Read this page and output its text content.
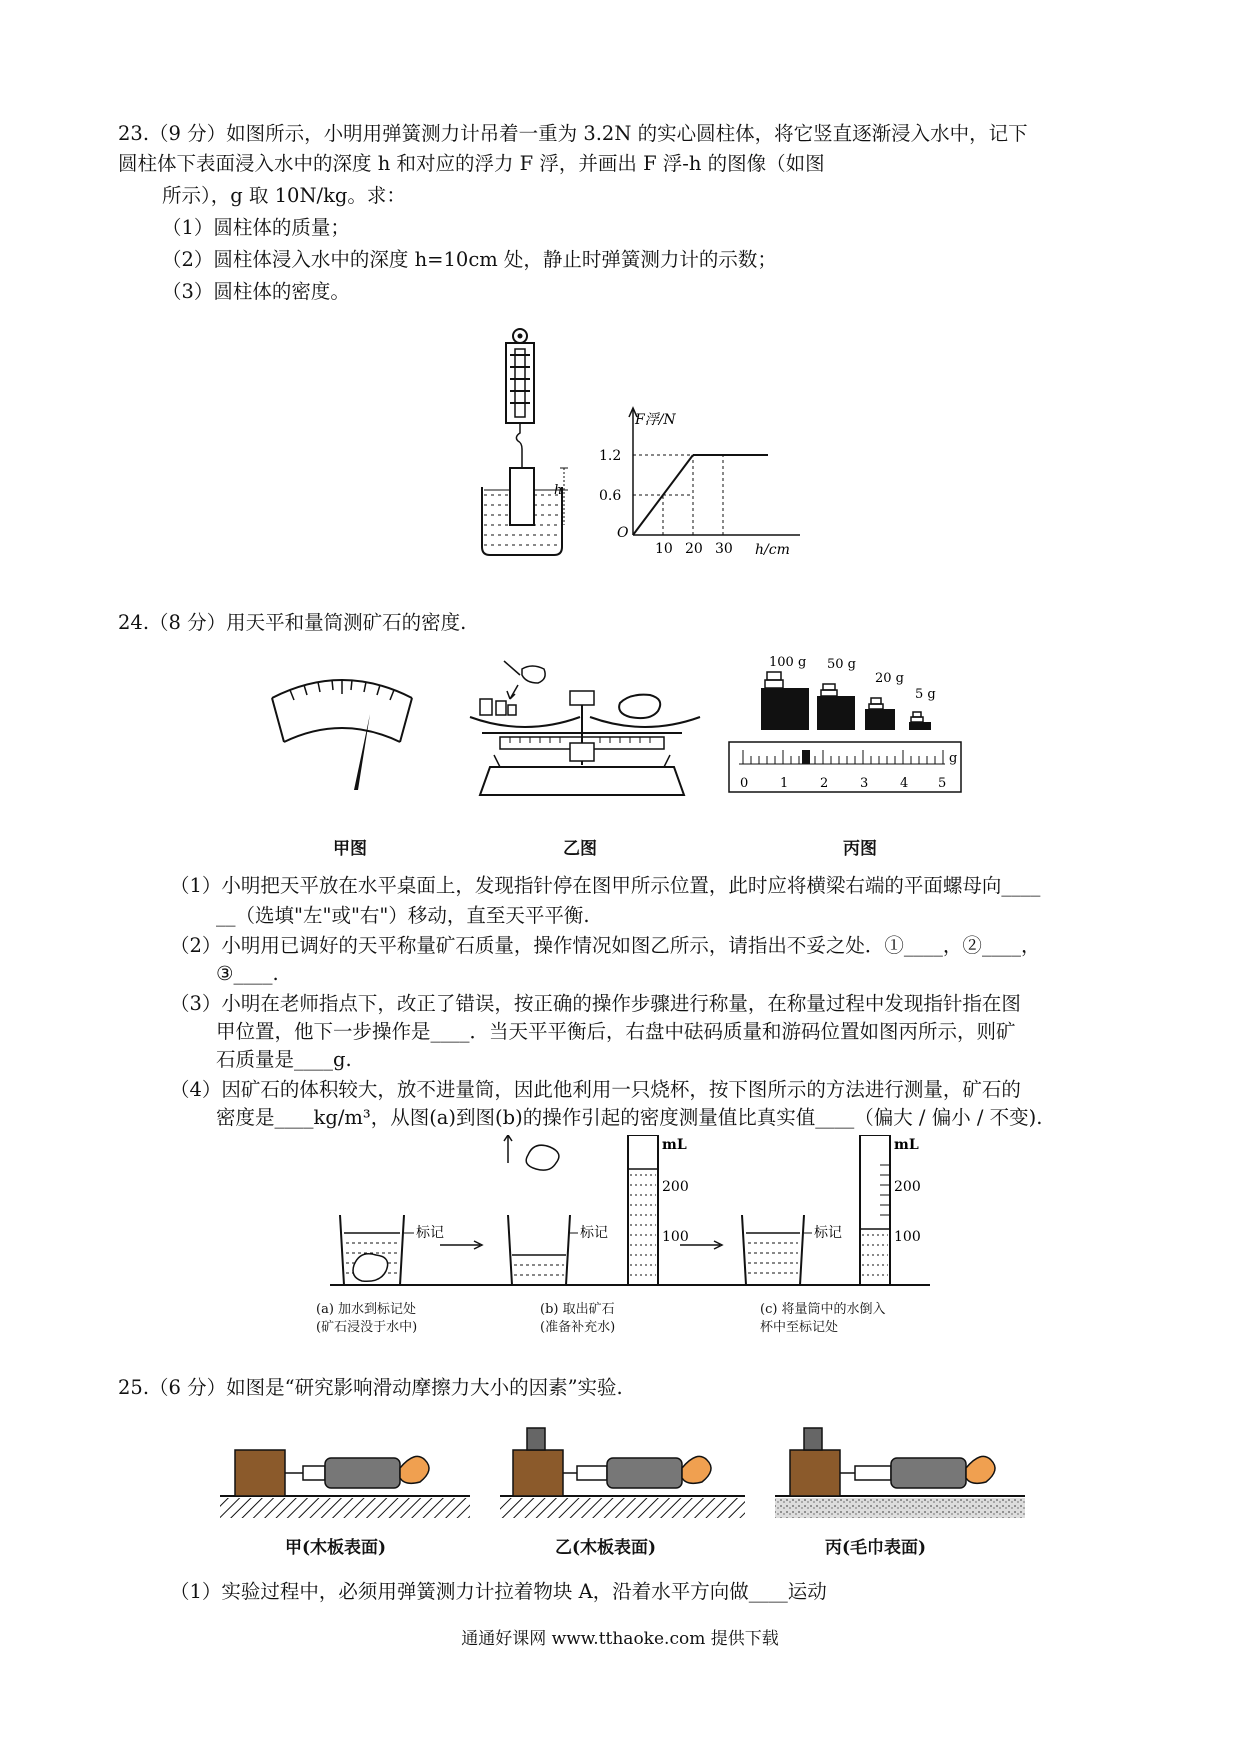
23.（9 分）如图所示，小明用弹簧测力计吊着一重为 3.2N 的实心圆柱体，将它竖直逐渐浸入水中，记下
圆柱体下表面浸入水中的深度 h 和对应的浮力 F 浮，并画出 F 浮-h 的图像（如图
所示），g 取 10N/kg。求：
（1）圆柱体的质量；
（2）圆柱体浸入水中的深度 h=10cm 处，静止时弹簧测力计的示数；
（3）圆柱体的密度。
h
F浮/N
1.2
0.6
10 20 30
O
h/cm
24.（8 分）用天平和量筒测矿石的密度.
100 g 50 g
20 g
5 g
0 1 2 3 4 5
g
甲图	乙图	丙图
（1）小明把天平放在水平桌面上，发现指针停在图甲所示位置，此时应将横梁右端的平面螺母向____
__（选填"左"或"右"）移动，直至天平平衡.
（2）小明用已调好的天平称量矿石质量，操作情况如图乙所示，请指出不妥之处．①____，②____，
③____.
（3）小明在老师指点下，改正了错误，按正确的操作步骤进行称量，在称量过程中发现指针指在图
甲位置，他下一步操作是____．当天平平衡后，右盘中砝码质量和游码位置如图丙所示，则矿
石质量是____g.
（4）因矿石的体积较大，放不进量筒，因此他利用一只烧杯，按下图所示的方法进行测量，矿石的
密度是____kg/m³，从图(a)到图(b)的操作引起的密度测量值比真实值____（偏大 / 偏小 / 不变).
标记	标记
mL
200
100	标记
mL
200
100
(a) 加水到标记处
(矿石浸没于水中)
(b) 取出矿石
(准备补充水)
(c) 将量筒中的水倒入
杯中至标记处
25.（6 分）如图是“研究影响滑动摩擦力大小的因素”实验.
甲(木板表面)	乙(木板表面)	丙(毛巾表面)
（1）实验过程中，必须用弹簧测力计拉着物块 A，沿着水平方向做____运动
通通好课网 www.tthaoke.com 提供下载
